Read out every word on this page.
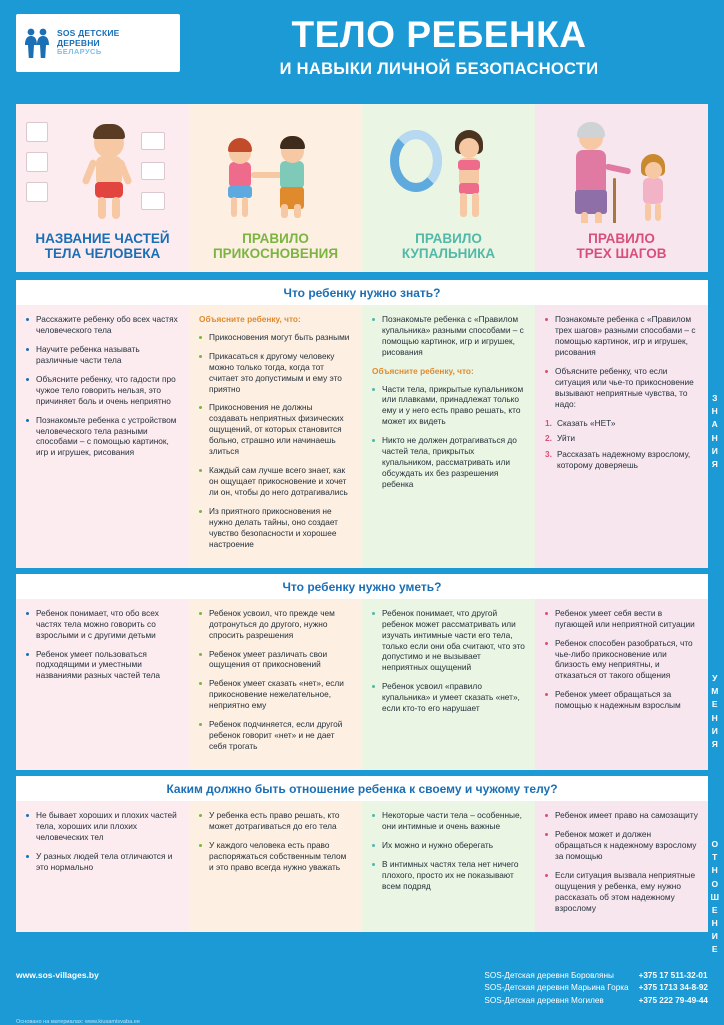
SOS ДЕТСКИЕ
ДЕРЕВНИ
БЕЛАРУСЬ	ТЕЛО РЕБЕНКА
И НАВЫКИ ЛИЧНОЙ БЕЗОПАСНОСТИ
НАЗВАНИЕ ЧАСТЕЙ
ТЕЛА ЧЕЛОВЕКА
ПРАВИЛО
ПРИКОСНОВЕНИЯ
ПРАВИЛО
КУПАЛЬНИКА
ПРАВИЛО
ТРЕХ ШАГОВ
Что ребенку нужно знать?
Расскажите ребенку обо всех частях человеческого тела
Научите ребенка называть различные части тела
Объясните ребенку, что гадости про чужое тело говорить нельзя, это причиняет боль и очень неприятно
Познакомьте ребенка с устройством человеческого тела разными способами – с помощью картинок, игр и игрушек, рисования

Объясните ребенку, что:

Прикосновения могут быть разными
Прикасаться к другому человеку можно только тогда, когда тот считает это допустимым и ему это приятно
Прикосновения не должны создавать неприятных физических ощущений, от которых становится больно, страшно или начинаешь злиться
Каждый сам лучше всего знает, как он ощущает прикосновение и хочет ли он, чтобы до него дотрагивались
Из приятного прикосновения не нужно делать тайны, оно создает чувство безопасности и хорошее настроение
Познакомьте ребенка с «Правилом купальника» разными способами – с помощью картинок, игр и игрушек, рисования

Объясните ребенку, что:

Части тела, прикрытые купальником или плавками, принадлежат только ему и у него есть право решать, кто может их видеть
Никто не должен дотрагиваться до частей тела, прикрытых купальником, рассматривать или обсуждать их без разрешения ребенка
Познакомьте ребенка с «Правилом трех шагов» разными способами – с помощью картинок, игр и игрушек, рисования
Объясните ребенку, что если ситуация или чье-то прикосновение вызывают неприятные чувства, то надо:
Сказать «НЕТ»
Уйти
Рассказать надежному взрослому, которому доверяешь
Что ребенку нужно уметь?
Ребенок понимает, что обо всех частях тела можно говорить со взрослыми и с другими детьми
Ребенок умеет пользоваться подходящими и уместными названиями разных частей тела
Ребенок усвоил, что прежде чем дотронуться до другого, нужно спросить разрешения
Ребенок умеет различать свои ощущения от прикосновений
Ребенок умеет сказать «нет», если прикосновение нежелательное, неприятно ему
Ребенок подчиняется, если другой ребенок говорит «нет» и не дает себя трогать
Ребенок понимает, что другой ребенок может рассматривать или изучать интимные части его тела, только если они оба считают, что это допустимо и не вызывает неприятных ощущений
Ребенок усвоил «правило купальника» и умеет сказать «нет», если кто-то его нарушает
Ребенок умеет себя вести в пугающей или неприятной ситуации
Ребенок способен разобраться, что чье-либо прикосновение или близость ему неприятны, и отказаться от такого общения
Ребенок умеет обращаться за помощью к надежным взрослым
Каким должно быть отношение ребенка к своему и чужому телу?
Не бывает хороших и плохих частей тела, хороших или плохих человеческих тел
У разных людей тела отличаются и это нормально
У ребенка есть право решать, кто может дотрагиваться до его тела
У каждого человека есть право распоряжаться собственным телом и это право всегда нужно уважать
Некоторые части тела – особенные, они интимные и очень важные
Их можно и нужно оберегать
В интимных частях тела нет ничего плохого, просто их не показывают всем подряд
Ребенок имеет право на самозащиту
Ребенок может и должен обращаться к надежному взрослому за помощью
Если ситуация вызвала неприятные ощущения у ребенка, ему нужно рассказать об этом надежному взрослому
З
Н
А
Н
И
Я
У
М
Е
Н
И
Я
О
Т
Н
О
Ш
Е
Н
И
Е
www.sos-villages.by	SOS-Детская деревня Боровляны
SOS-Детская деревня Марьина Горка
SOS-Детская деревня Могилев
+375 17 511-32-01
+375 1713 34-8-92
+375 222 79-49-44
Основано на материалах: www.kiusamisvaba.ee
